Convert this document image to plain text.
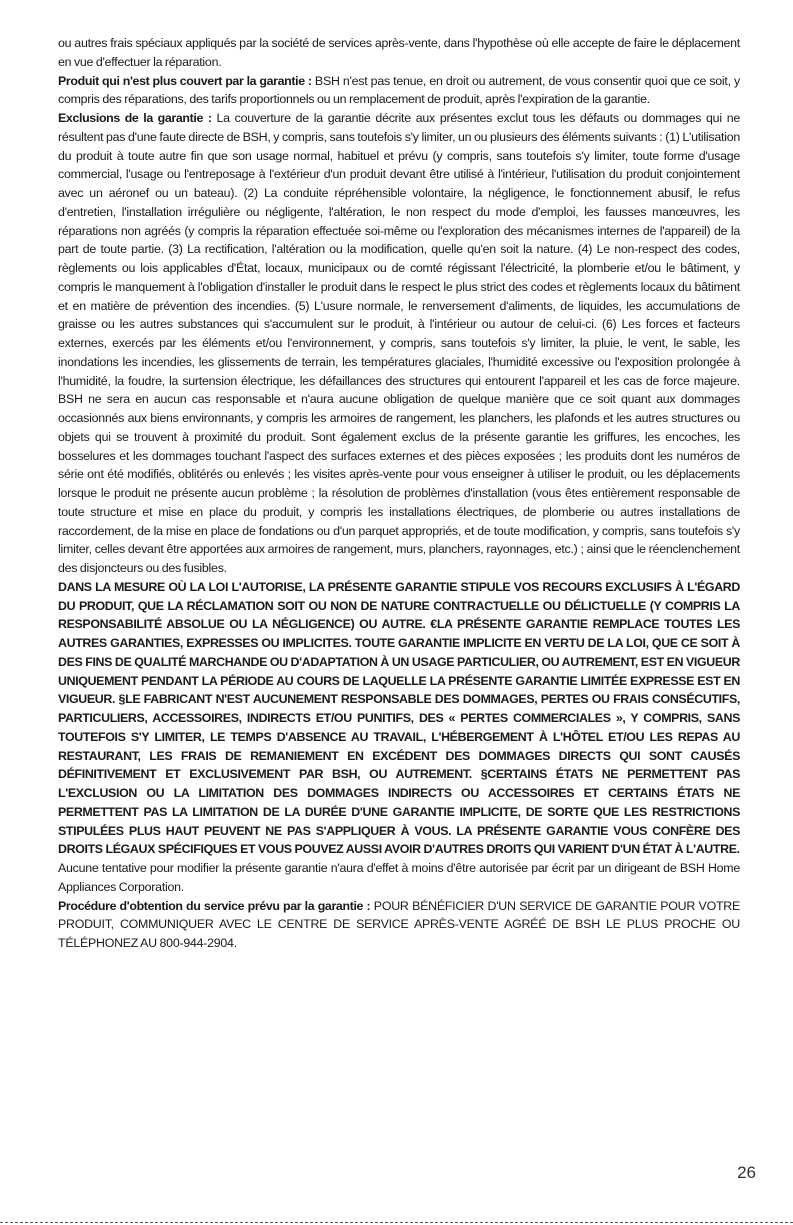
ou autres frais spéciaux appliqués par la société de services après-vente, dans l'hypothèse où elle accepte de faire le déplacement en vue d'effectuer la réparation.

Produit qui n'est plus couvert par la garantie : BSH n'est pas tenue, en droit ou autrement, de vous consentir quoi que ce soit, y compris des réparations, des tarifs proportionnels ou un remplacement de produit, après l'expiration de la garantie.

Exclusions de la garantie : La couverture de la garantie décrite aux présentes exclut tous les défauts ou dommages qui ne résultent pas d'une faute directe de BSH, y compris, sans toutefois s'y limiter, un ou plusieurs des éléments suivants : (1) L'utilisation du produit à toute autre fin que son usage normal, habituel et prévu (y compris, sans toutefois s'y limiter, toute forme d'usage commercial, l'usage ou l'entreposage à l'extérieur d'un produit devant être utilisé à l'intérieur, l'utilisation du produit conjointement avec un aéronef ou un bateau). (2) La conduite répréhensible volontaire, la négligence, le fonctionnement abusif, le refus d'entretien, l'installation irrégulière ou négligente, l'altération, le non respect du mode d'emploi, les fausses manœuvres, les réparations non agréés (y compris la réparation effectuée soi-même ou l'exploration des mécanismes internes de l'appareil) de la part de toute partie. (3) La rectification, l'altération ou la modification, quelle qu'en soit la nature. (4) Le non-respect des codes, règlements ou lois applicables d'État, locaux, municipaux ou de comté régissant l'électricité, la plomberie et/ou le bâtiment, y compris le manquement à l'obligation d'installer le produit dans le respect le plus strict des codes et règlements locaux du bâtiment et en matière de prévention des incendies. (5) L'usure normale, le renversement d'aliments, de liquides, les accumulations de graisse ou les autres substances qui s'accumulent sur le produit, à l'intérieur ou autour de celui-ci. (6) Les forces et facteurs externes, exercés par les éléments et/ou l'environnement, y compris, sans toutefois s'y limiter, la pluie, le vent, le sable, les inondations les incendies, les glissements de terrain, les températures glaciales, l'humidité excessive ou l'exposition prolongée à l'humidité, la foudre, la surtension électrique, les défaillances des structures qui entourent l'appareil et les cas de force majeure. BSH ne sera en aucun cas responsable et n'aura aucune obligation de quelque manière que ce soit quant aux dommages occasionnés aux biens environnants, y compris les armoires de rangement, les planchers, les plafonds et les autres structures ou objets qui se trouvent à proximité du produit. Sont également exclus de la présente garantie les griffures, les encoches, les bosselures et les dommages touchant l'aspect des surfaces externes et des pièces exposées ; les produits dont les numéros de série ont été modifiés, oblitérés ou enlevés ; les visites après-vente pour vous enseigner à utiliser le produit, ou les déplacements lorsque le produit ne présente aucun problème ; la résolution de problèmes d'installation (vous êtes entièrement responsable de toute structure et mise en place du produit, y compris les installations électriques, de plomberie ou autres installations de raccordement, de la mise en place de fondations ou d'un parquet appropriés, et de toute modification, y compris, sans toutefois s'y limiter, celles devant être apportées aux armoires de rangement, murs, planchers, rayonnages, etc.) ; ainsi que le réenclenchement des disjoncteurs ou des fusibles.

DANS LA MESURE OÙ LA LOI L'AUTORISE, LA PRÉSENTE GARANTIE STIPULE VOS RECOURS EXCLUSIFS À L'ÉGARD DU PRODUIT, QUE LA RÉCLAMATION SOIT OU NON DE NATURE CONTRACTUELLE OU DÉLICTUELLE (Y COMPRIS LA RESPONSABILITÉ ABSOLUE OU LA NÉGLIGENCE) OU AUTRE. €LA PRÉSENTE GARANTIE REMPLACE TOUTES LES AUTRES GARANTIES, EXPRESSES OU IMPLICITES. TOUTE GARANTIE IMPLICITE EN VERTU DE LA LOI, QUE CE SOIT À DES FINS DE QUALITÉ MARCHANDE OU D'ADAPTATION À UN USAGE PARTICULIER, OU AUTREMENT, EST EN VIGUEUR UNIQUEMENT PENDANT LA PÉRIODE AU COURS DE LAQUELLE LA PRÉSENTE GARANTIE LIMITÉE EXPRESSE EST EN VIGUEUR. §LE FABRICANT N'EST AUCUNEMENT RESPONSABLE DES DOMMAGES, PERTES OU FRAIS CONSÉCUTIFS, PARTICULIERS, ACCESSOIRES, INDIRECTS ET/OU PUNITIFS, DES « PERTES COMMERCIALES », Y COMPRIS, SANS TOUTEFOIS S'Y LIMITER, LE TEMPS D'ABSENCE AU TRAVAIL, L'HÉBERGEMENT À L'HÔTEL ET/OU LES REPAS AU RESTAURANT, LES FRAIS DE REMANIEMENT EN EXCÉDENT DES DOMMAGES DIRECTS QUI SONT CAUSÉS DÉFINITIVEMENT ET EXCLUSIVEMENT PAR BSH, OU AUTREMENT. §CERTAINS ÉTATS NE PERMETTENT PAS L'EXCLUSION OU LA LIMITATION DES DOMMAGES INDIRECTS OU ACCESSOIRES ET CERTAINS ÉTATS NE PERMETTENT PAS LA LIMITATION DE LA DURÉE D'UNE GARANTIE IMPLICITE, DE SORTE QUE LES RESTRICTIONS STIPULÉES PLUS HAUT PEUVENT NE PAS S'APPLIQUER À VOUS. LA PRÉSENTE GARANTIE VOUS CONFÈRE DES DROITS LÉGAUX SPÉCIFIQUES ET VOUS POUVEZ AUSSI AVOIR D'AUTRES DROITS QUI VARIENT D'UN ÉTAT À L'AUTRE.

Aucune tentative pour modifier la présente garantie n'aura d'effet à moins d'être autorisée par écrit par un dirigeant de BSH Home Appliances Corporation.

Procédure d'obtention du service prévu par la garantie : POUR BÉNÉFICIER D'UN SERVICE DE GARANTIE POUR VOTRE PRODUIT, COMMUNIQUER AVEC LE CENTRE DE SERVICE APRÈS-VENTE AGRÉÉ DE BSH LE PLUS PROCHE OU TÉLÉPHONEZ AU 800-944-2904.

26
